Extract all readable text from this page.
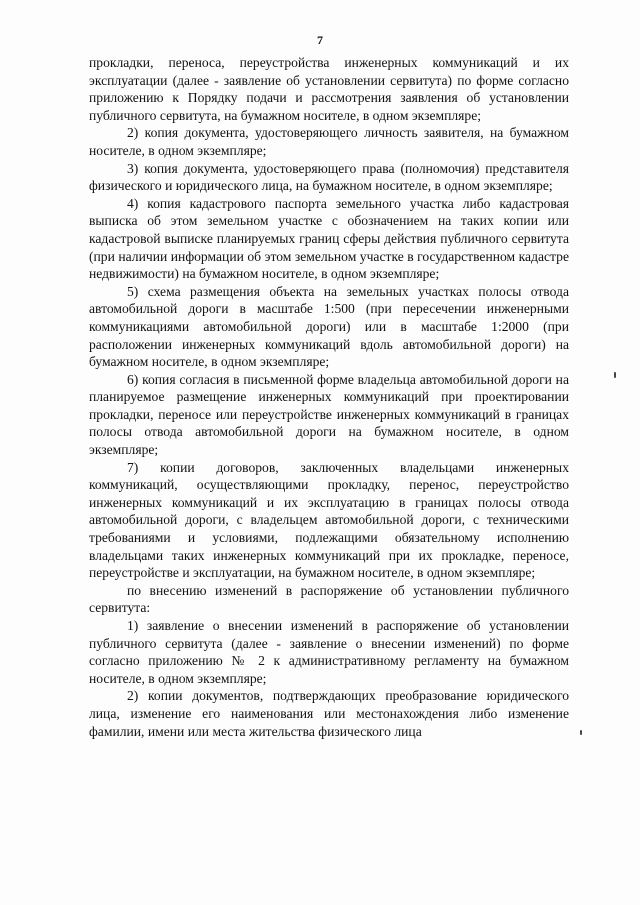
7

прокладки, переноса, переустройства инженерных коммуникаций и их эксплуатации (далее - заявление об установлении сервитута) по форме согласно приложению к Порядку подачи и рассмотрения заявления об установлении публичного сервитута, на бумажном носителе, в одном экземпляре;

2) копия документа, удостоверяющего личность заявителя, на бумажном носителе, в одном экземпляре;

3) копия документа, удостоверяющего права (полномочия) представителя физического и юридического лица, на бумажном носителе, в одном экземпляре;

4) копия кадастрового паспорта земельного участка либо кадастровая выписка об этом земельном участке с обозначением на таких копии или кадастровой выписке планируемых границ сферы действия публичного сервитута (при наличии информации об этом земельном участке в государственном кадастре недвижимости) на бумажном носителе, в одном экземпляре;

5) схема размещения объекта на земельных участках полосы отвода автомобильной дороги в масштабе 1:500 (при пересечении инженерными коммуникациями автомобильной дороги) или в масштабе 1:2000 (при расположении инженерных коммуникаций вдоль автомобильной дороги) на бумажном носителе, в одном экземпляре;

6) копия согласия в письменной форме владельца автомобильной дороги на планируемое размещение инженерных коммуникаций при проектировании прокладки, переносе или переустройстве инженерных коммуникаций в границах полосы отвода автомобильной дороги на бумажном носителе, в одном экземпляре;

7) копии договоров, заключенных владельцами инженерных коммуникаций, осуществляющими прокладку, перенос, переустройство инженерных коммуникаций и их эксплуатацию в границах полосы отвода автомобильной дороги, с владельцем автомобильной дороги, с техническими требованиями и условиями, подлежащими обязательному исполнению владельцами таких инженерных коммуникаций при их прокладке, переносе, переустройстве и эксплуатации, на бумажном носителе, в одном экземпляре;

по внесению изменений в распоряжение об установлении публичного сервитута:

1) заявление о внесении изменений в распоряжение об установлении публичного сервитута (далее - заявление о внесении изменений) по форме согласно приложению № 2 к административному регламенту на бумажном носителе, в одном экземпляре;

2) копии документов, подтверждающих преобразование юридического лица, изменение его наименования или местонахождения либо изменение фамилии, имени или места жительства физического лица
